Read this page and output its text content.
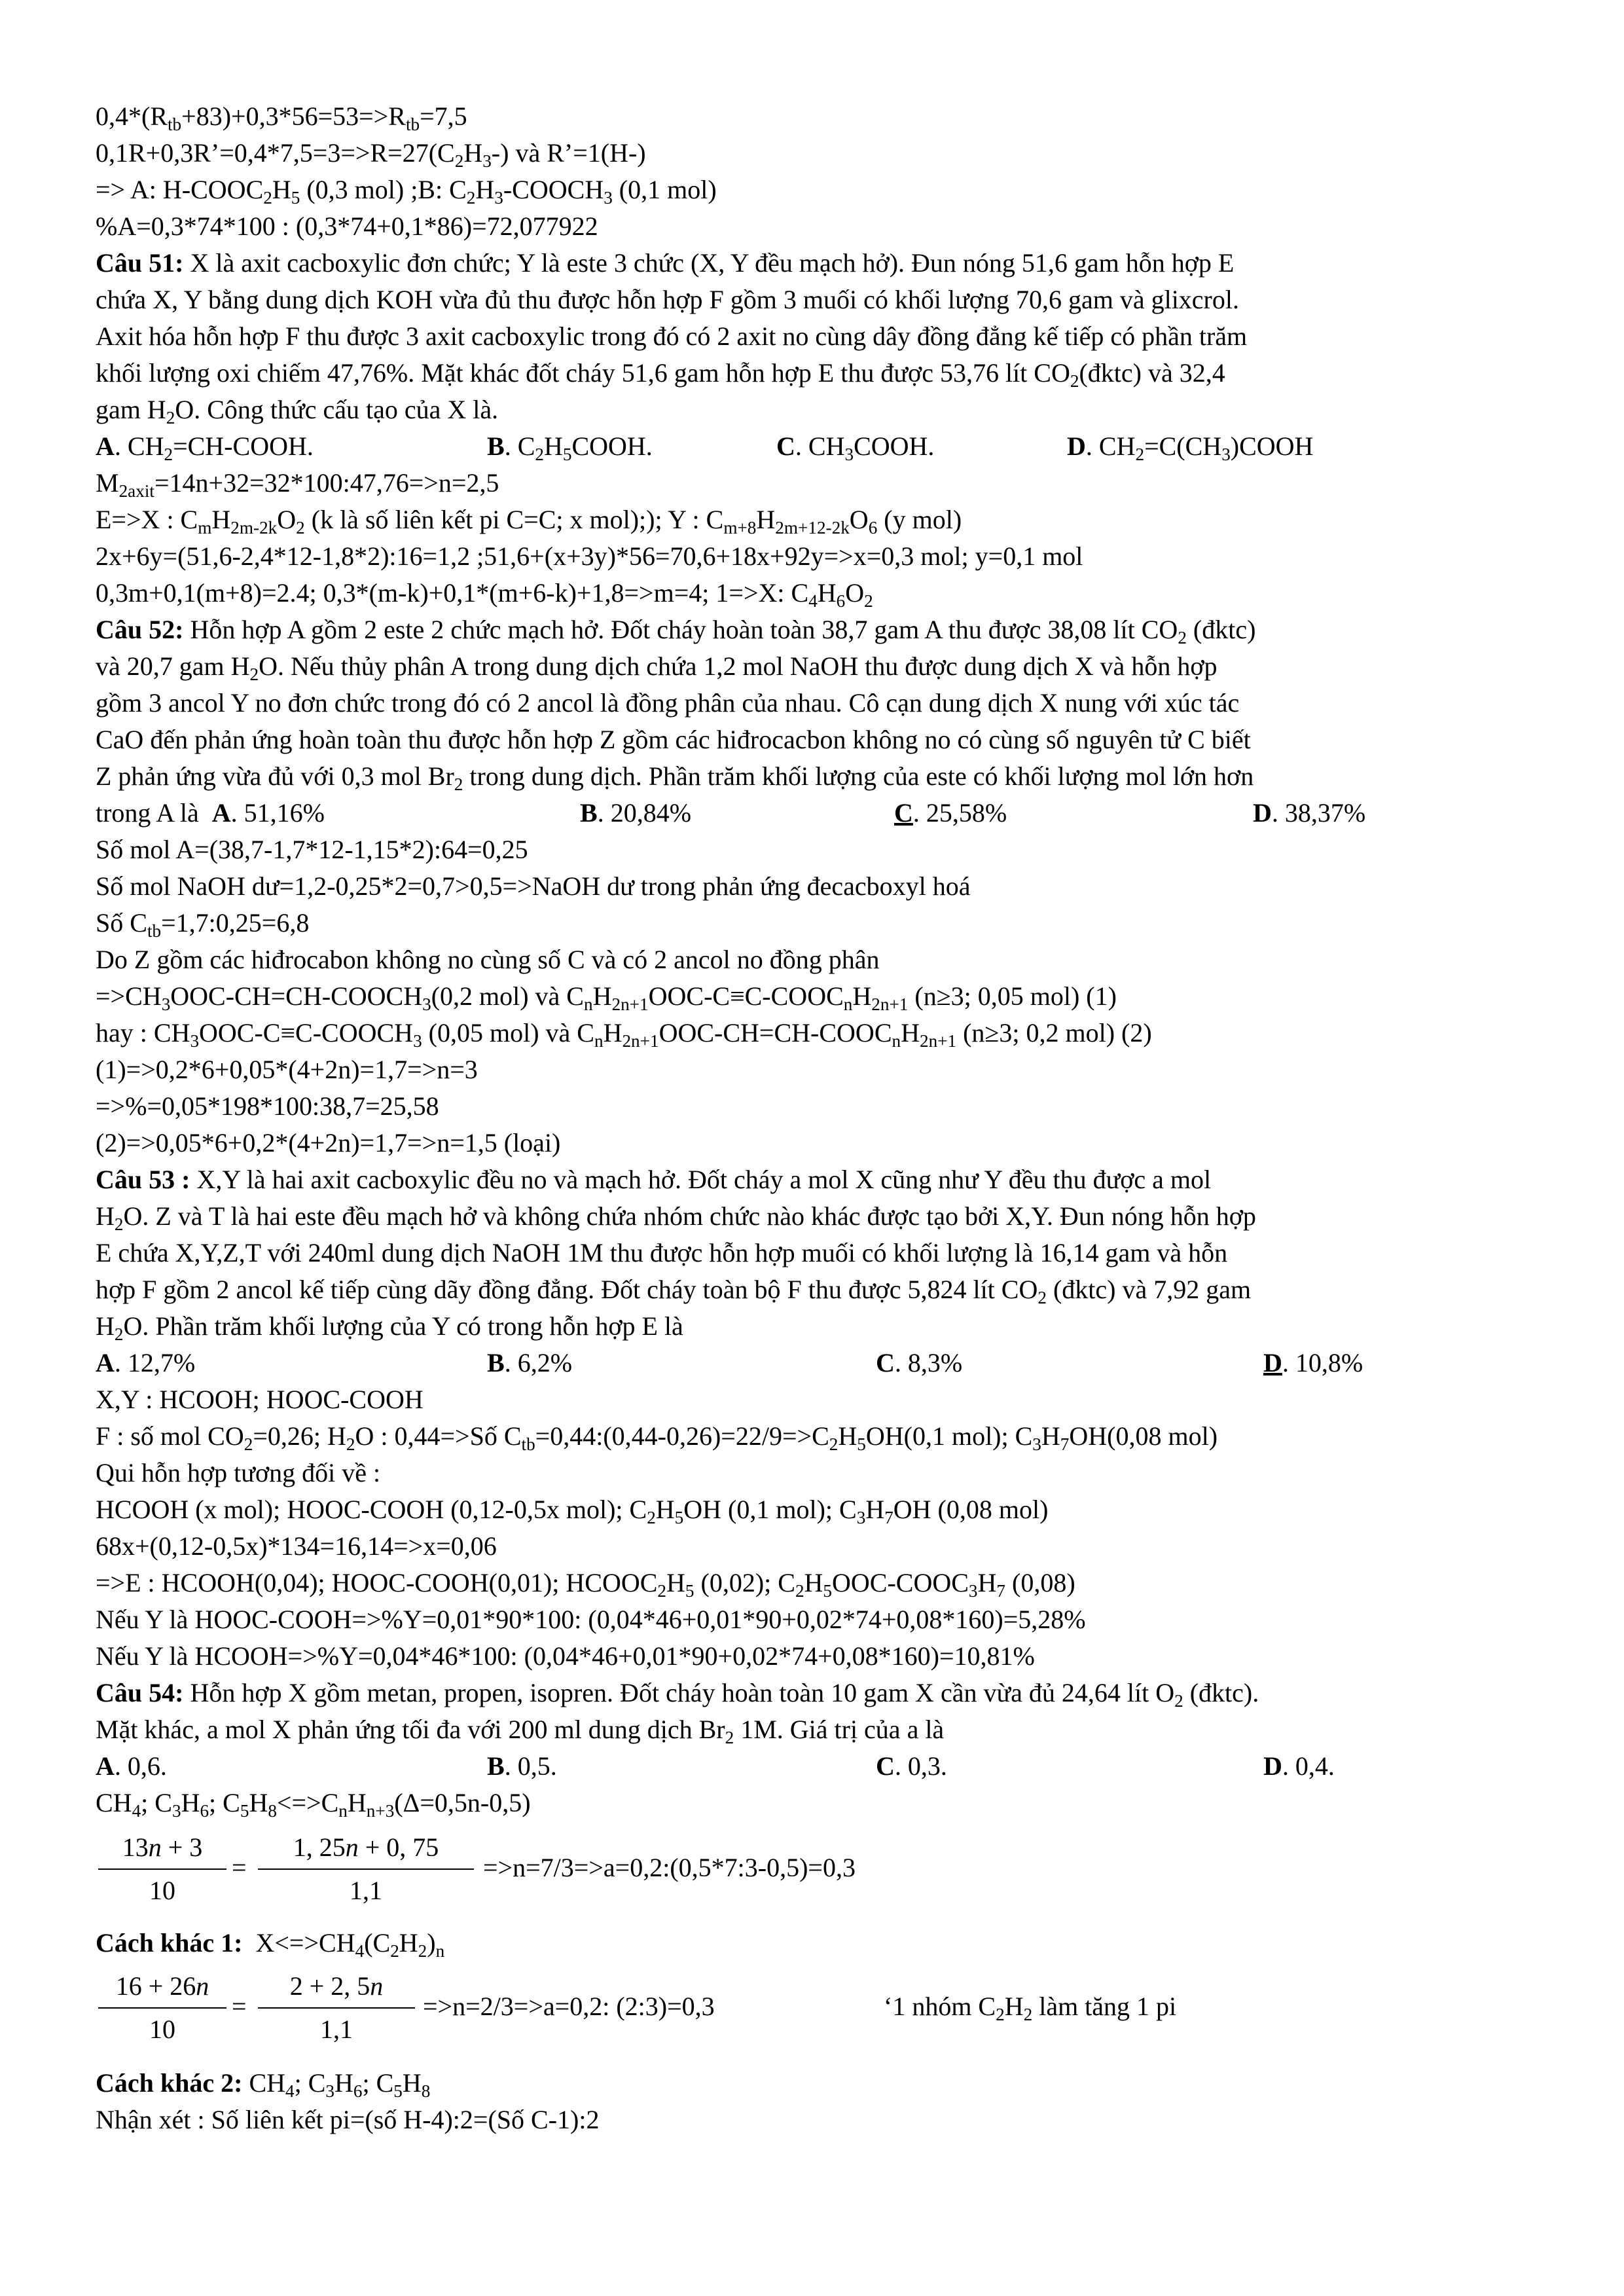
$0,4*(R_{tb}+83)+0,3*56=53=>R_{tb}=7,5$
$0,1R+0,3R’=0,4*7,5=3=>R=27(C_2H_3-)$ và R’=1(H-)
=> A: $H-COOC_2H_5$ (0,3 mol) ;B: $C_2H_3-COOCH_3$ (0,1 mol)
%A=0,3*74*100 : (0,3*74+0,1*86)=72,077922
Câu 51: X là axit cacboxylic đơn chức; Y là este 3 chức (X, Y đều mạch hở). Đun nóng 51,6 gam hỗn hợp E
chứa X, Y bằng dung dịch KOH vừa đủ thu được hỗn hợp F gồm 3 muối có khối lượng 70,6 gam và glixcrol.
Axit hóa hỗn hợp F thu được 3 axit cacboxylic trong đó có 2 axit no cùng dây đồng đẳng kế tiếp có phần trăm
khối lượng oxi chiếm 47,76%. Mặt khác đốt cháy 51,6 gam hỗn hợp E thu được 53,76 lít $CO_2(đktc)$ và 32,4
gam $H_2O$. Công thức cấu tạo của X là.
A. $CH_2=CH$-COOH.	B. $C_2H_5COOH$.	C. $CH_3COOH$.	D. $CH_2=C(CH_3)COOH$
$M_{2axit}=14n+32=32*100:47,76=>n=2,5$
E=>X : $C_mH_{2m-2k}O_2$ (k là số liên kết pi C=C; x mol);); Y : $C_{m+8}H_{2m+12-2k}O_6$ (y mol)
2x+6y=(51,6-2,4*12-1,8*2):16=1,2 ;51,6+(x+3y)*56=70,6+18x+92y=>x=0,3 mol; y=0,1 mol
0,3m+0,1(m+8)=2.4; 0,3*(m-k)+0,1*(m+6-k)+1,8=>m=4; 1=>X: $C_4H_6O_2$
Câu 52: Hỗn hợp A gồm 2 este 2 chức mạch hở. Đốt cháy hoàn toàn 38,7 gam A thu được 38,08 lít $CO_2$ (đktc)
và 20,7 gam $H_2O$. Nếu thủy phân A trong dung dịch chứa 1,2 mol NaOH thu được dung dịch X và hỗn hợp
gồm 3 ancol Y no đơn chức trong đó có 2 ancol là đồng phân của nhau. Cô cạn dung dịch X nung với xúc tác
CaO đến phản ứng hoàn toàn thu được hỗn hợp Z gồm các hiđrocacbon không no có cùng số nguyên tử C biết
Z phản ứng vừa đủ với 0,3 mol $Br_2$ trong dung dịch. Phần trăm khối lượng của este có khối lượng mol lớn hơn
trong A là  A. 51,16%	B. 20,84%	C. 25,58%	D. 38,37%
Số mol A=(38,7-1,7*12-1,15*2):64=0,25
Số mol NaOH dư=1,2-0,25*2=0,7>0,5=>NaOH dư trong phản ứng đecacboxyl hoá
Số $C_{tb}=1,7:0,25=6,8$
Do Z gồm các hiđrocabon không no cùng số C và có 2 ancol no đồng phân
$=>CH_3OOC-CH=CH-COOCH_3(0,2$ mol) và $C_nH_{2n+1}OOC-C\equiv C-COOC_nH_{2n+1}$ (n≥3; 0,05 mol) (1)
hay : $CH_3OOC-C\equiv C-COOCH_3$ (0,05 mol) và $C_nH_{2n+1}OOC-CH=CH-COOC_nH_{2n+1}$ (n≥3; 0,2 mol) (2)
(1)=>0,2*6+0,05*(4+2n)=1,7=>n=3
=>%=0,05*198*100:38,7=25,58
(2)=>0,05*6+0,2*(4+2n)=1,7=>n=1,5 (loại)
Câu 53 : X,Y là hai axit cacboxylic đều no và mạch hở. Đốt cháy a mol X cũng như Y đều thu được a mol
$H_2O$. Z và T là hai este đều mạch hở và không chứa nhóm chức nào khác được tạo bởi X,Y. Đun nóng hỗn hợp
E chứa X,Y,Z,T với 240ml dung dịch NaOH 1M thu được hỗn hợp muối có khối lượng là 16,14 gam và hỗn
hợp F gồm 2 ancol kế tiếp cùng dãy đồng đẳng. Đốt cháy toàn bộ F thu được 5,824 lít $CO_2$ (đktc) và 7,92 gam
$H_2O$. Phần trăm khối lượng của Y có trong hỗn hợp E là
A. 12,7%	B. 6,2%	C. 8,3%	D. 10,8%
X,Y : HCOOH; HOOC-COOH
F : số mol $CO_2=0,26$; $H_2O$ : 0,44=>Số $C_{tb}=0,44:(0,44-0,26)=22/9=>C_2H_5OH(0,1$ mol); $C_3H_7OH(0,08$ mol)
Qui hỗn hợp tương đối về :
HCOOH (x mol); HOOC-COOH (0,12-0,5x mol); $C_2H_5OH$ (0,1 mol); $C_3H_7OH$ (0,08 mol)
68x+(0,12-0,5x)*134=16,14=>x=0,06
=>E : HCOOH(0,04); HOOC-COOH(0,01); $HCOOC_2H_5$ (0,02); $C_2H_5OOC-COOC_3H_7$ (0,08)
Nếu Y là HOOC-COOH=>%Y=0,01*90*100: (0,04*46+0,01*90+0,02*74+0,08*160)=5,28%
Nếu Y là HCOOH=>%Y=0,04*46*100: (0,04*46+0,01*90+0,02*74+0,08*160)=10,81%
Câu 54: Hỗn hợp X gồm metan, propen, isopren. Đốt cháy hoàn toàn 10 gam X cần vừa đủ 24,64 lít $O_2$ (đktc).
Mặt khác, a mol X phản ứng tối đa với 200 ml dung dịch $Br_2$ 1M. Giá trị của a là
A. 0,6.	B. 0,5.	C. 0,3.	D. 0,4.
$CH_4$; $C_3H_6$; $C_5H_8<=>C_nH_{n+3}(\Delta=0,5n-0,5)$
13n + 3
10
=
1, 25n + 0, 75
1,1
=>n=7/3=>a=0,2:(0,5*7:3-0,5)=0,3
Cách khác 1:  $X<=>CH_4(C_2H_2)_n$
16 + 26n
10
=
2 + 2, 5n
1,1
=>n=2/3=>a=0,2: (2:3)=0,3	‘1 nhóm $C_2H_2$ làm tăng 1 pi
Cách khác 2: $CH_4$; $C_3H_6$; $C_5H_8$
Nhận xét : Số liên kết pi=(số H-4):2=(Số C-1):2
